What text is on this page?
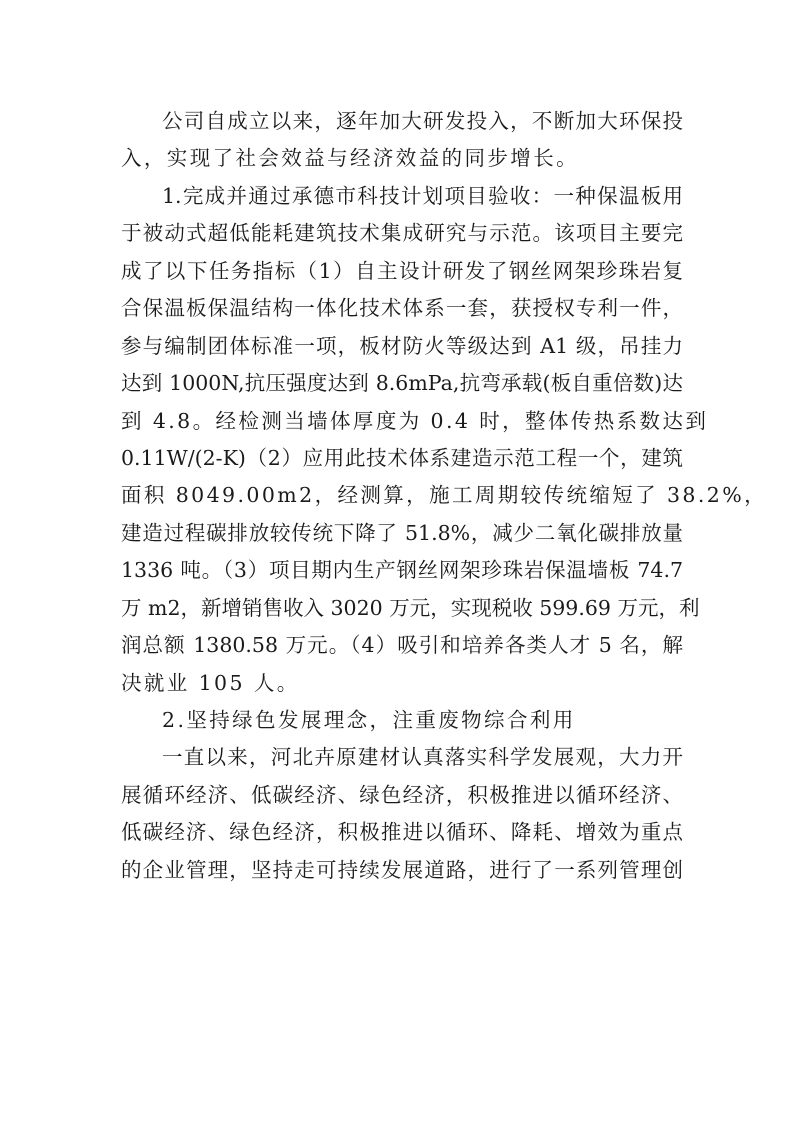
公司自成立以来，逐年加大研发投入，不断加大环保投
入，实现了社会效益与经济效益的同步增长。
1.完成并通过承德市科技计划项目验收：一种保温板用
于被动式超低能耗建筑技术集成研究与示范。该项目主要完
成了以下任务指标（1）自主设计研发了钢丝网架珍珠岩复
合保温板保温结构一体化技术体系一套，获授权专利一件，
参与编制团体标准一项，板材防火等级达到 A1 级，吊挂力
达到 1000N,抗压强度达到 8.6mPa,抗弯承载(板自重倍数)达
到 4.8。经检测当墙体厚度为 0.4 时，整体传热系数达到
0.11W/(2-K)（2）应用此技术体系建造示范工程一个，建筑
面积 8049.00m2，经测算，施工周期较传统缩短了 38.2%，
建造过程碳排放较传统下降了 51.8%，减少二氧化碳排放量
1336 吨。（3）项目期内生产钢丝网架珍珠岩保温墙板 74.7
万 m2，新增销售收入 3020 万元，实现税收 599.69 万元，利
润总额 1380.58 万元。（4）吸引和培养各类人才 5 名，解
决就业 105 人。
2.坚持绿色发展理念，注重废物综合利用
一直以来，河北卉原建材认真落实科学发展观，大力开
展循环经济、低碳经济、绿色经济，积极推进以循环经济、
低碳经济、绿色经济，积极推进以循环、降耗、增效为重点
的企业管理，坚持走可持续发展道路，进行了一系列管理创
